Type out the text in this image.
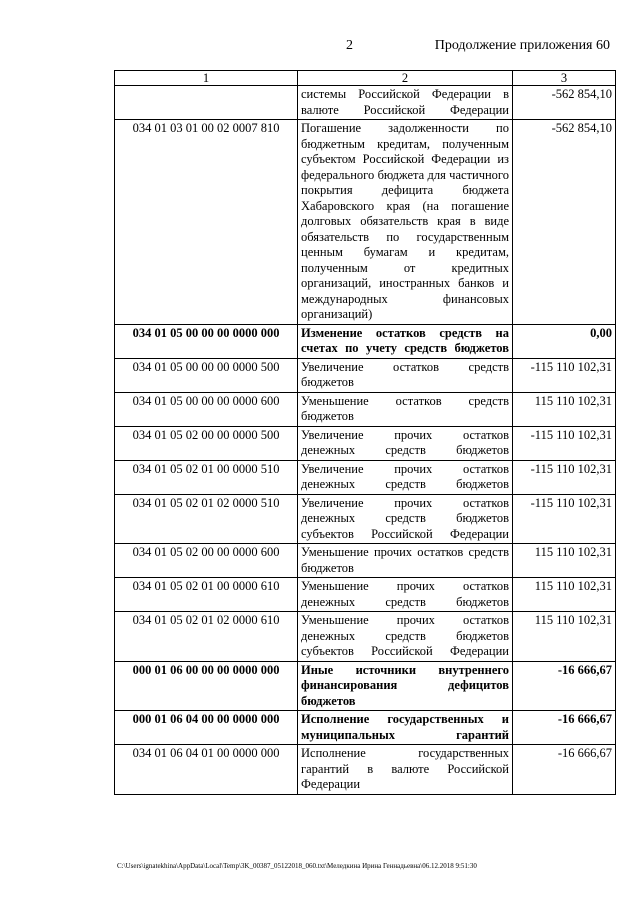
2	Продолжение приложения 60
1	2	3
	системы Российской Федерации в валюте Российской Федерации	-562 854,10
034 01 03 01 00 02 0007 810	Погашение задолженности по бюджетным кредитам, полученным субъектом Российской Федерации из федерального бюджета для частичного покрытия дефицита бюджета Хабаровского края (на погашение долговых обязательств края в виде обязательств по государственным ценным бумагам и кредитам, полученным от кредитных организаций, иностранных банков и международных финансовых организаций)	-562 854,10
034 01 05 00 00 00 0000 000	Изменение остатков средств на счетах по учету средств бюджетов	0,00
034 01 05 00 00 00 0000 500	Увеличение остатков средств бюджетов	-115 110 102,31
034 01 05 00 00 00 0000 600	Уменьшение остатков средств бюджетов	115 110 102,31
034 01 05 02 00 00 0000 500	Увеличение прочих остатков денежных средств бюджетов	-115 110 102,31
034 01 05 02 01 00 0000 510	Увеличение прочих остатков денежных средств бюджетов	-115 110 102,31
034 01 05 02 01 02 0000 510	Увеличение прочих остатков денежных средств бюджетов субъектов Российской Федерации	-115 110 102,31
034 01 05 02 00 00 0000 600	Уменьшение прочих остатков средств бюджетов	115 110 102,31
034 01 05 02 01 00 0000 610	Уменьшение прочих остатков денежных средств бюджетов	115 110 102,31
034 01 05 02 01 02 0000 610	Уменьшение прочих остатков денежных средств бюджетов субъектов Российской Федерации	115 110 102,31
000 01 06 00 00 00 0000 000	Иные источники внутреннего финансирования дефицитов бюджетов	-16 666,67
000 01 06 04 00 00 0000 000	Исполнение государственных и муниципальных гарантий	-16 666,67
034 01 06 04 01 00 0000 000	Исполнение государственных гарантий в валюте Российской Федерации	-16 666,67
C:\Users\ignatekhina\AppData\Local\Temp\3K_00387_05122018_060.txt\Меледкина Ирина Геннадьевна\06.12.2018 9:51:30
